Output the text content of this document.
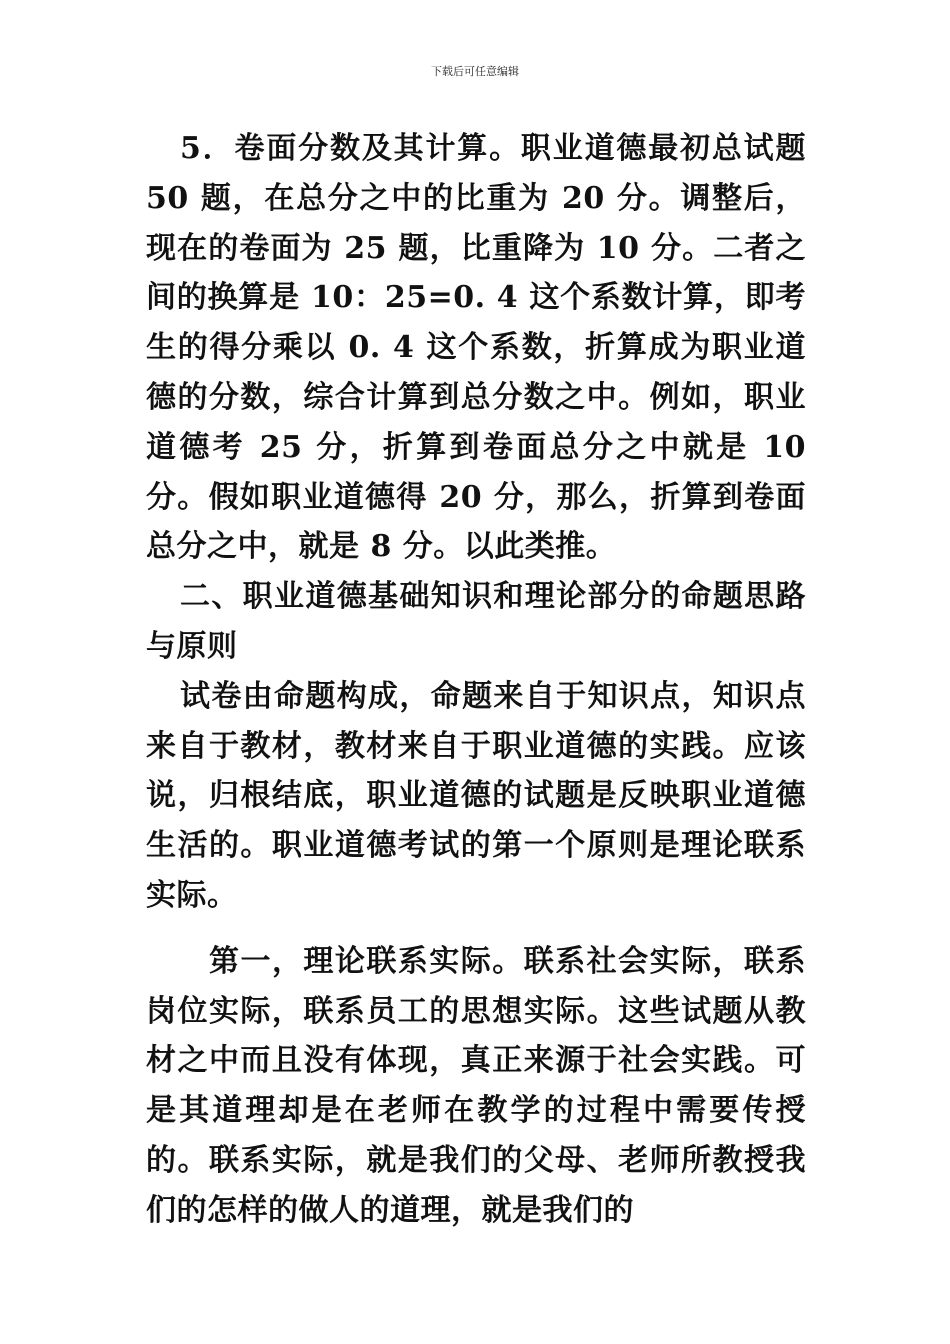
下载后可任意编辑

5．卷面分数及其计算。职业道德最初总试题 50 题，在总分之中的比重为 20 分。调整后，现在的卷面为 25 题，比重降为 10 分。二者之间的换算是 10：25=0. 4 这个系数计算，即考生的得分乘以 0. 4 这个系数，折算成为职业道德的分数，综合计算到总分数之中。例如，职业道德考 25 分，折算到卷面总分之中就是 10 分。假如职业道德得 20 分，那么，折算到卷面总分之中，就是 8 分。以此类推。

二、职业道德基础知识和理论部分的命题思路与原则

试卷由命题构成，命题来自于知识点，知识点来自于教材，教材来自于职业道德的实践。应该说，归根结底，职业道德的试题是反映职业道德生活的。职业道德考试的第一个原则是理论联系实际。

第一，理论联系实际。联系社会实际，联系岗位实际，联系员工的思想实际。这些试题从教材之中而且没有体现，真正来源于社会实践。可是其道理却是在老师在教学的过程中需要传授的。联系实际，就是我们的父母、老师所教授我们的怎样的做人的道理，就是我们的
